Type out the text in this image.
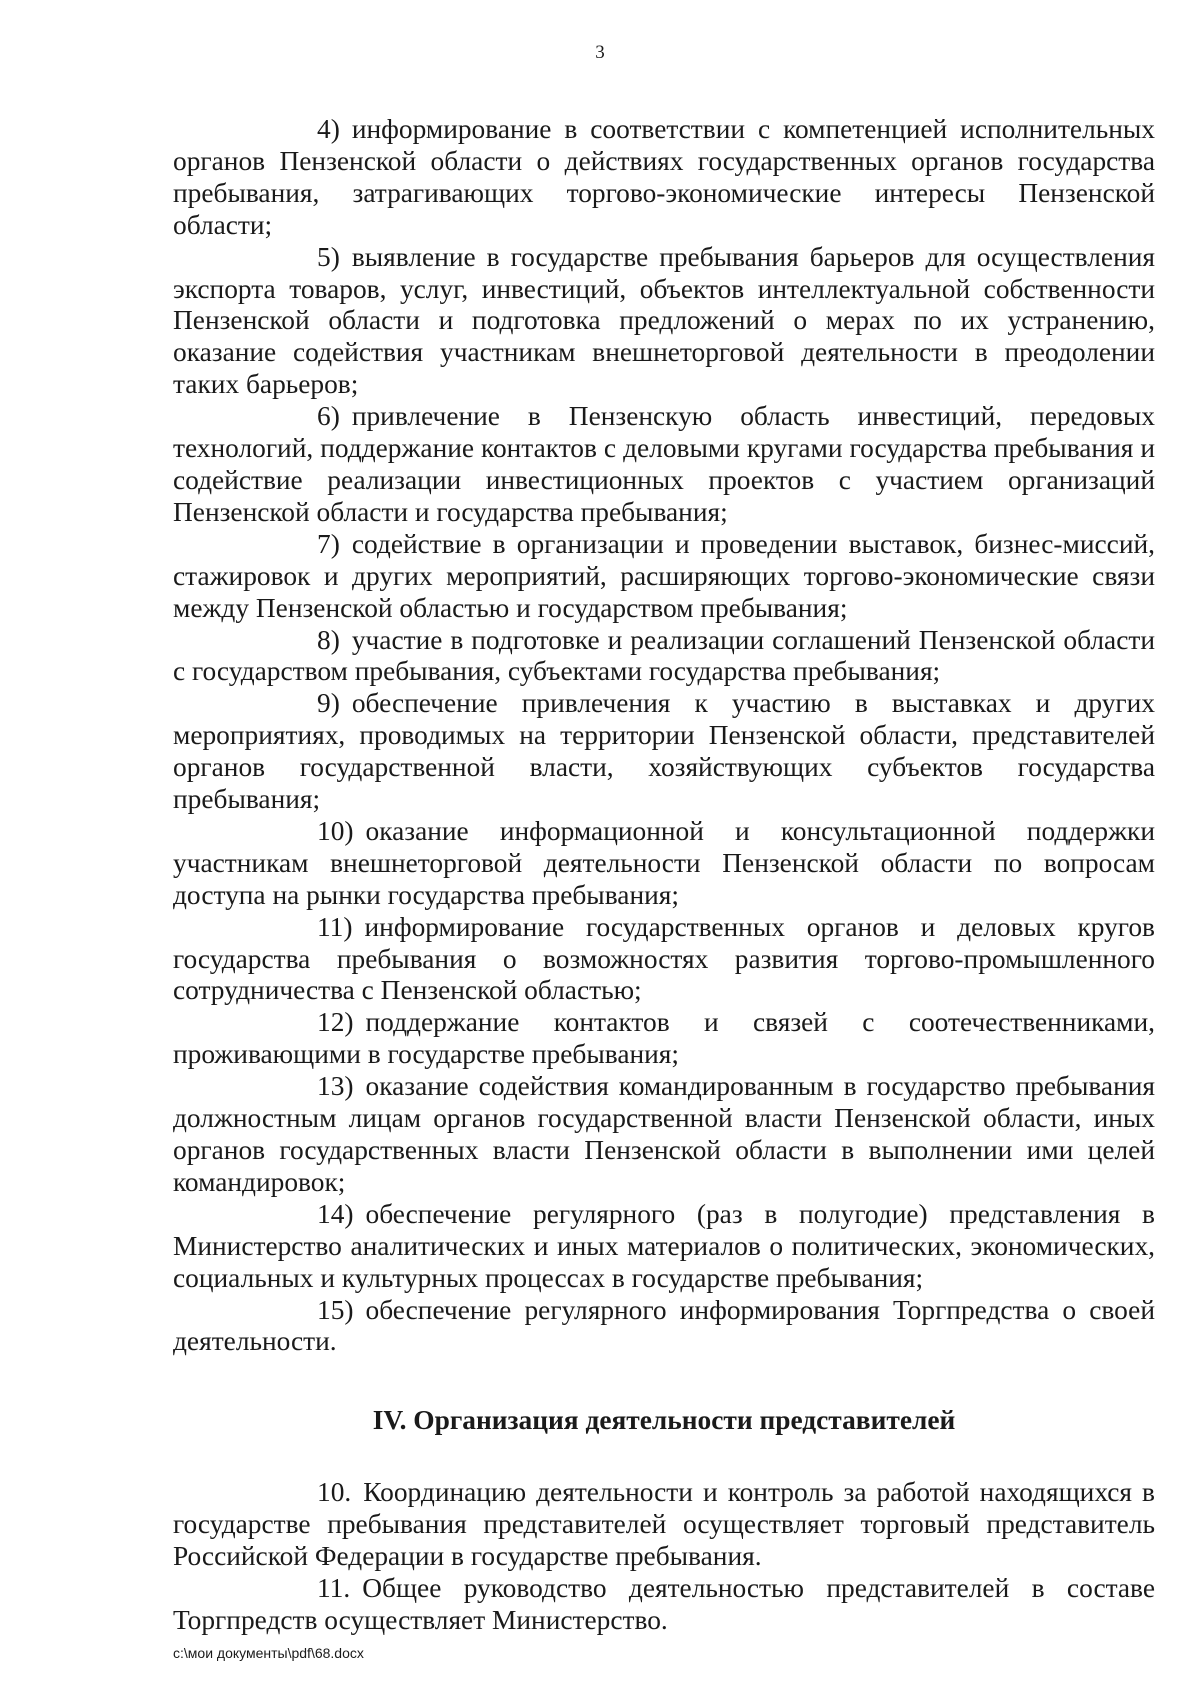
3

4) информирование в соответствии с компетенцией исполнительных органов Пензенской области о действиях государственных органов государства пребывания, затрагивающих торгово-экономические интересы Пензенской области;

5) выявление в государстве пребывания барьеров для осуществления экспорта товаров, услуг, инвестиций, объектов интеллектуальной собственности Пензенской области и подготовка предложений о мерах по их устранению, оказание содействия участникам внешнеторговой деятельности в преодолении таких барьеров;

6) привлечение в Пензенскую область инвестиций, передовых технологий, поддержание контактов с деловыми кругами государства пребывания и содействие реализации инвестиционных проектов с участием организаций Пензенской области и государства пребывания;

7) содействие в организации и проведении выставок, бизнес-миссий, стажировок и других мероприятий, расширяющих торгово-экономические связи между Пензенской областью и государством пребывания;

8) участие в подготовке и реализации соглашений Пензенской области с государством пребывания, субъектами государства пребывания;

9) обеспечение привлечения к участию в выставках и других мероприятиях, проводимых на территории Пензенской области, представителей органов государственной власти, хозяйствующих субъектов государства пребывания;

10) оказание информационной и консультационной поддержки участникам внешнеторговой деятельности Пензенской области по вопросам доступа на рынки государства пребывания;

11) информирование государственных органов и деловых кругов государства пребывания о возможностях развития торгово-промышленного сотрудничества с Пензенской областью;

12) поддержание контактов и связей с соотечественниками, проживающими в государстве пребывания;

13) оказание содействия командированным в государство пребывания должностным лицам органов государственной власти Пензенской области, иных органов государственных власти Пензенской области в выполнении ими целей командировок;

14) обеспечение регулярного (раз в полугодие) представления в Министерство аналитических и иных материалов о политических, экономических, социальных и культурных процессах в государстве пребывания;

15) обеспечение регулярного информирования Торгпредства о своей деятельности.

IV. Организация деятельности представителей

10. Координацию деятельности и контроль за работой находящихся в государстве пребывания представителей осуществляет торговый представитель Российской Федерации в государстве пребывания.

11. Общее руководство деятельностью представителей в составе Торгпредств осуществляет Министерство.

c:\мои документы\pdf\68.docx
